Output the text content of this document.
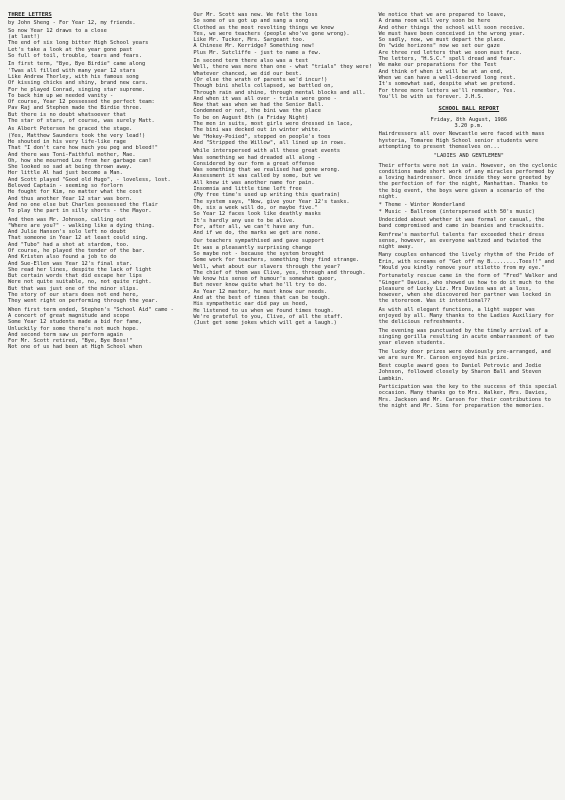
THREE LETTERS
by John Sheng - For Year 12, my friends.

So now Year 12 draws to a close
(at last!)
The end of six long bitter High School years
Let's take a look at the year gone past
So full of toil, trouble, tears and fears.

In first term, "Bye, Bye Birdie" came along
'Twas all filled with many year 12 stars
Like Andrew Thorley, with his famous song
Of kissing chicks and shiny, brand new cars.
For he played Conrad, singing star supreme.
To back him up we needed vanity -
Of course, Year 12 possessed the perfect team:
Pav Raj and Stephen made the Birdie three.
But there is no doubt whatsoever that
The star of stars, of course, was surely Matt.

As Albert Petersen he graced the stage.
(Yes, Matthew Saunders took the very lead!)
He shouted in his very life-like rage
That "I don't care how much you peg and bleed!"
And there was Toni-Faithful mother, Mae.
Oh, how she mourned Lou from her garbage can!
She looked so sad at being thrown away.
Her little Al had just become a Man.
And Scott played "Good old Hugo", - loveless, lost.
Beloved Captain - seeming so forlorn
He fought for Kim, no matter what the cost
And thus another Year 12 star was born.
And no one else but Charles possessed the flair
To play the part in silly shorts - the Mayor.

And then was Mr. Johnson, calling out
"Where are you?" - walking like a dying thing.
And Julie Hanson's solo left no doubt
That someone in Year 12 at least could sing.
And "Tubo" had a shot at stardom, too.
Of course, he played the tender of the bar.
And Kristen also found a job to do
And Sue-Ellen was Year 12's final star.
She read her lines, despite the lack of light
But certain words that did escape her lips
Were not quite suitable, no, not quite right.
But that was just one of the minor slips.
The story of our stars does not end here,
They went right on performing through the year.

When first term ended, Stephen's "School Aid" came -
A concert of great magnitude and scope
Some Year 12 students made a bid for fame,
Unluckily for some there's not much hope.
And second term saw us perform again
For Mr. Scott retired, "Bye, Bye Boss!"
Not one of us had been at High School when

Our Mr. Scott was new. We felt the loss
So some of us got up and sang a song
Clothed as the most revolting things we knew
Yes, we were teachers (people who've gone wrong).
Like Mr. Tucker, Mrs. Sargeant too.
A Chinese Mr. Kerridge? Something new!
Plus Mr. Sutcliffe - just to name a few.

In second term there also was a test
Well, there was more than one - what "trials" they were!
Whatever chanced, we did our best.
(Or else the wrath of parents we'd incur!)
Though bini shells collapsed, we battled on,
Through rain and shine, through mental blocks and all.
And when it was all over - trials were gone -
Now that was when we had the Senior Ball.
Condemned or not, the bini was the place
To be on August 8th (a Friday Night)
The men in suits, most girls were dressed in lace,
The bini was decked out in winter white.
We "Hokey-Poiied", stepped on people's toes
And "Stripped the Willow", all lined up in rows.

While interspersed with all these great events
Was something we had dreaded all along -
Considered by our form a great offense
Was something that we realised had gone wrong.
Assessment it was called by some, but we
All knew it was another name for pain.
Insomnia and little time left free
(My free time's used up writing this quatrain)
The system says, "Now, give your Year 12's tasks.
Oh, six a week will do, or maybe five."
So Year 12 faces look like deathly masks
It's hardly any use to be alive.
For, after all, we can't have any fun.
And if we do, the marks we get are none.

Our teachers sympathised and gave support
It was a pleasantly surprising change
So maybe not - because the system brought
Some work for teachers, something they find strange.
Well, what about our slavers through the year?
The chief of them was Clive, yes, through and through.
We know his sense of humour's somewhat queer,
But never know quite what he'll try to do.
As Year 12 master, he must know our needs.
And at the best of times that can be tough.
His sympathetic ear did pay us heed,
He listened to us when we found times tough.
We're grateful to you, Clive, of all the staff.
(Just get some jokes which will get a laugh.)

We notice that we are prepared to leave,
A drama room will very soon be here
And other things the school will soon receive.
We must have been conceived in the wrong year.
So sadly, now, we must depart the place.
On "wide horizons" now we set our gaze
Are three red letters that we soon must face.
The letters, "H.S.C." spell dread and fear.
We make our preparations for the Test
And think of when it will be at an end,
When we can have a well-deserved long rest.
It's somewhat sad, despite what we pretend.
For three more letters we'll remember, Yes.
You'll be with us forever. J.H.S.

SCHOOL BALL REPORT

Friday, 8th August, 1986
3.20 p.m.

Hairdressers all over Newcastle were faced with mass hysteria, Tomaree High School senior students were attempting to present themselves on...

"LADIES AND GENTLEMEN"

Their efforts were not in vain. However, on the cyclonic conditions made short work of any miracles performed by a loving hairdresser. Once inside they were greeted by the perfection of for the night, Manhattan. Thanks to the big event, the boys were given a scenario of the night.

* Theme - Winter Wonderland
* Music - Ballroom (interspersed with 50's music)

Undecided about whether it was formal or casual, the band compromised and came in beanies and tracksuits.

Renfrew's masterful talents far exceeded their dress sense, however, as everyone waltzed and twisted the night away.

Many couples enhanced the lively rhythm of the Pride of Erin, with screams of "Get off my B.........Toes!!" and "Would you kindly remove your stiletto from my eye."

Fortunately rescue came in the form of "Fred" Walker and "Ginger" Davies, who showed us how to do it much to the pleasure of Lucky Liz. Mrs Davies was at a loss, however, when she discovered her partner was locked in the storeroom. Was it intentional??

As with all elegant functions, a light supper was enjoyed by all. Many thanks to the Ladies Auxiliary for the delicious refreshments.

The evening was punctuated by the timely arrival of a singing gorilla resulting in acute embarrassment of two year eleven students.

The lucky door prizes were obviously pre-arranged, and we are sure Mr. Carson enjoyed his prize.

Best couple award goes to Daniel Petrovic and Jodie Johnson, followed closely by Sharon Ball and Steven Lambkin.

Participation was the key to the success of this special occasion. Many thanks go to Mrs. Walker, Mrs. Davies, Mrs. Jackson and Mr. Carson for their contributions to the night and Mr. Sims for preparation the memories.
